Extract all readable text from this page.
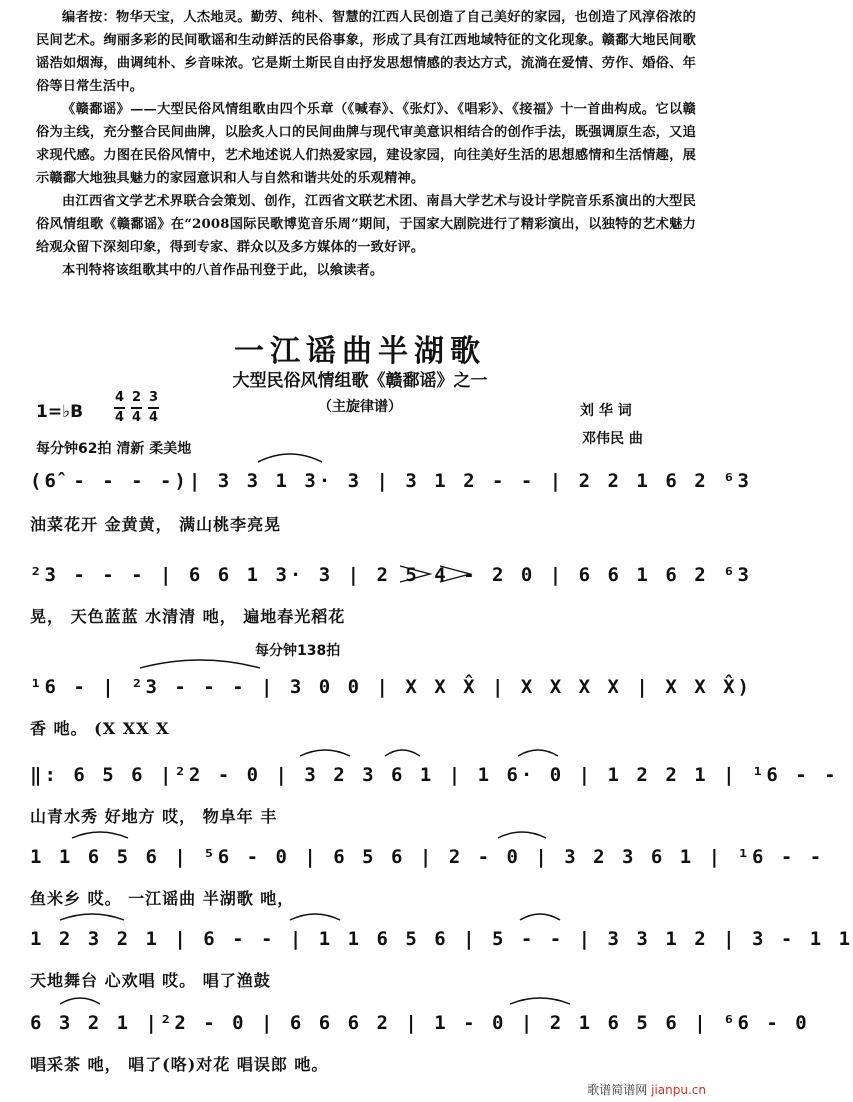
编者按：物华天宝，人杰地灵。勤劳、纯朴、智慧的江西人民创造了自己美好的家园，也创造了风淳俗浓的民间艺术。绚丽多彩的民间歌谣和生动鲜活的民俗事象，形成了具有江西地域特征的文化现象。赣鄱大地民间歌谣浩如烟海，曲调纯朴、乡音味浓。它是斯土斯民自由抒发思想情感的表达方式，流淌在爱情、劳作、婚俗、年俗等日常生活中。

《赣鄱谣》——大型民俗风情组歌由四个乐章（《喊春》、《张灯》、《唱彩》、《接福》十一首曲构成。它以赣俗为主线，充分整合民间曲牌，以脍炙人口的民间曲牌与现代审美意识相结合的创作手法，既强调原生态，又追求现代感。力图在民俗风情中，艺术地述说人们热爱家园，建设家园，向往美好生活的思想感情和生活情趣，展示赣鄱大地独具魅力的家园意识和人与自然和谐共处的乐观精神。

由江西省文学艺术界联合会策划、创作，江西省文联艺术团、南昌大学艺术与设计学院音乐系演出的大型民俗风情组歌《赣鄱谣》在“2008国际民歌博览音乐周”期间，于国家大剧院进行了精彩演出，以独特的艺术魅力给观众留下深刻印象，得到专家、群众以及多方媒体的一致好评。

本刊特将该组歌其中的八首作品刊登于此，以飨读者。

一江谣曲半湖歌
大型民俗风情组歌《赣鄱谣》之一
（主旋律谱）	刘 华 词
邓伟民 曲
1=♭B $\frac{4}{4} \frac{2}{4} \frac{3}{4}$
每分钟62拍 清新 柔美地
(6̂ - - - -)| 3 3 1 3· 3 | 3 1 2 - - | 2 2 1 6 2 ⁶3
油菜花开 金黄黄， 满山桃李亮晃
²3 - - - | 6 6 1 3· 3 | 2 5 4 - 2 0 | 6 6 1 6 2 ⁶3
晃， 天色蓝蓝 水清清 吔， 遍地春光稻花
每分钟138拍
¹6 - | ²3 - - - | 3 0 0 | X X X̂ | X X X X | X X X̂)
香 吔。 (X XX X
‖: 6 5 6 |²2 - 0 | 3 2 3 6 1 | 1 6· 0 | 1 2 2 1 | ¹6 - -
山青水秀 好地方 哎， 物阜年 丰
1 1 6 5 6 | ⁵6 - 0 | 6 5 6 | 2 - 0 | 3 2 3 6 1 | ¹6 - -
鱼米乡 哎。 一江谣曲 半湖歌 吔，
1 2 3 2 1 | 6 - - | 1 1 6 5 6 | 5 - - | 3 3 1 2 | 3 - 1 1
天地舞台 心欢唱 哎。 唱了渔鼓
6 3 2 1 |²2 - 0 | 6 6 6 2 | 1 - 0 | 2 1 6 5 6 | ⁶6 - 0
唱采茶 吔， 唱了(咯)对花 唱误郎 吔。
歌谱简谱网 jianpu.cn
